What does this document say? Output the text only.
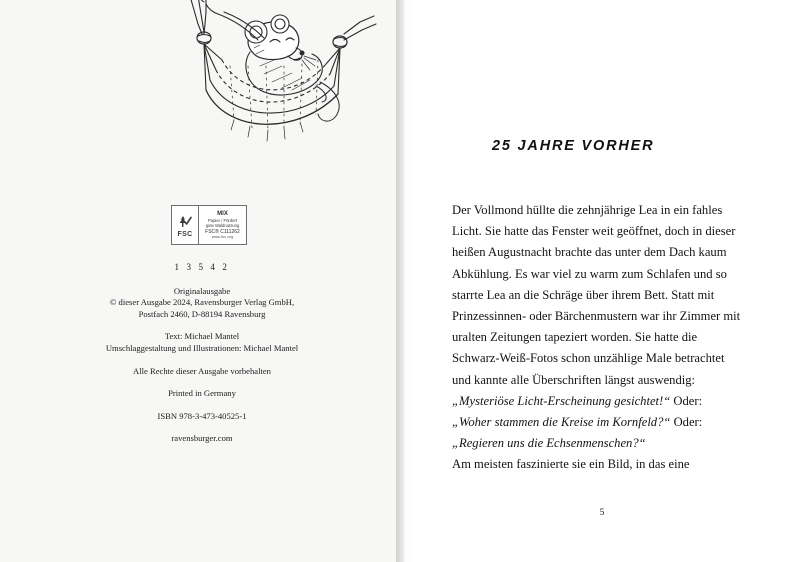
FSC
MIX
Papier / Fördert
gute Waldnutzung
FSC® C111262
www.fsc.org
1 3 5 4 2
Originalausgabe
© dieser Ausgabe 2024, Ravensburger Verlag GmbH,
Postfach 2460, D-88194 Ravensburg
Text: Michael Mantel
Umschlaggestaltung und Illustrationen: Michael Mantel
Alle Rechte dieser Ausgabe vorbehalten
Printed in Germany
ISBN 978-3-473-40525-1
ravensburger.com
25 JAHRE VORHER

Der Vollmond hüllte die zehnjährige Lea in ein fahles Licht. Sie hatte das Fenster weit geöffnet, doch in dieser heißen Augustnacht brachte das unter dem Dach kaum Abkühlung. Es war viel zu warm zum Schlafen und so starrte Lea an die Schräge über ihrem Bett. Statt mit Prinzessinnen- oder Bärchenmustern war ihr Zimmer mit uralten Zeitungen tapeziert worden. Sie hatte die Schwarz-Weiß-Fotos schon unzählige Male betrachtet und kannte alle Überschriften längst auswendig: „Mysteriöse Licht-Erscheinung gesichtet!“ Oder: „Woher stammen die Kreise im Kornfeld?“ Oder: „Regieren uns die Echsenmenschen?“
Am meisten faszinierte sie ein Bild, in das eine

5
